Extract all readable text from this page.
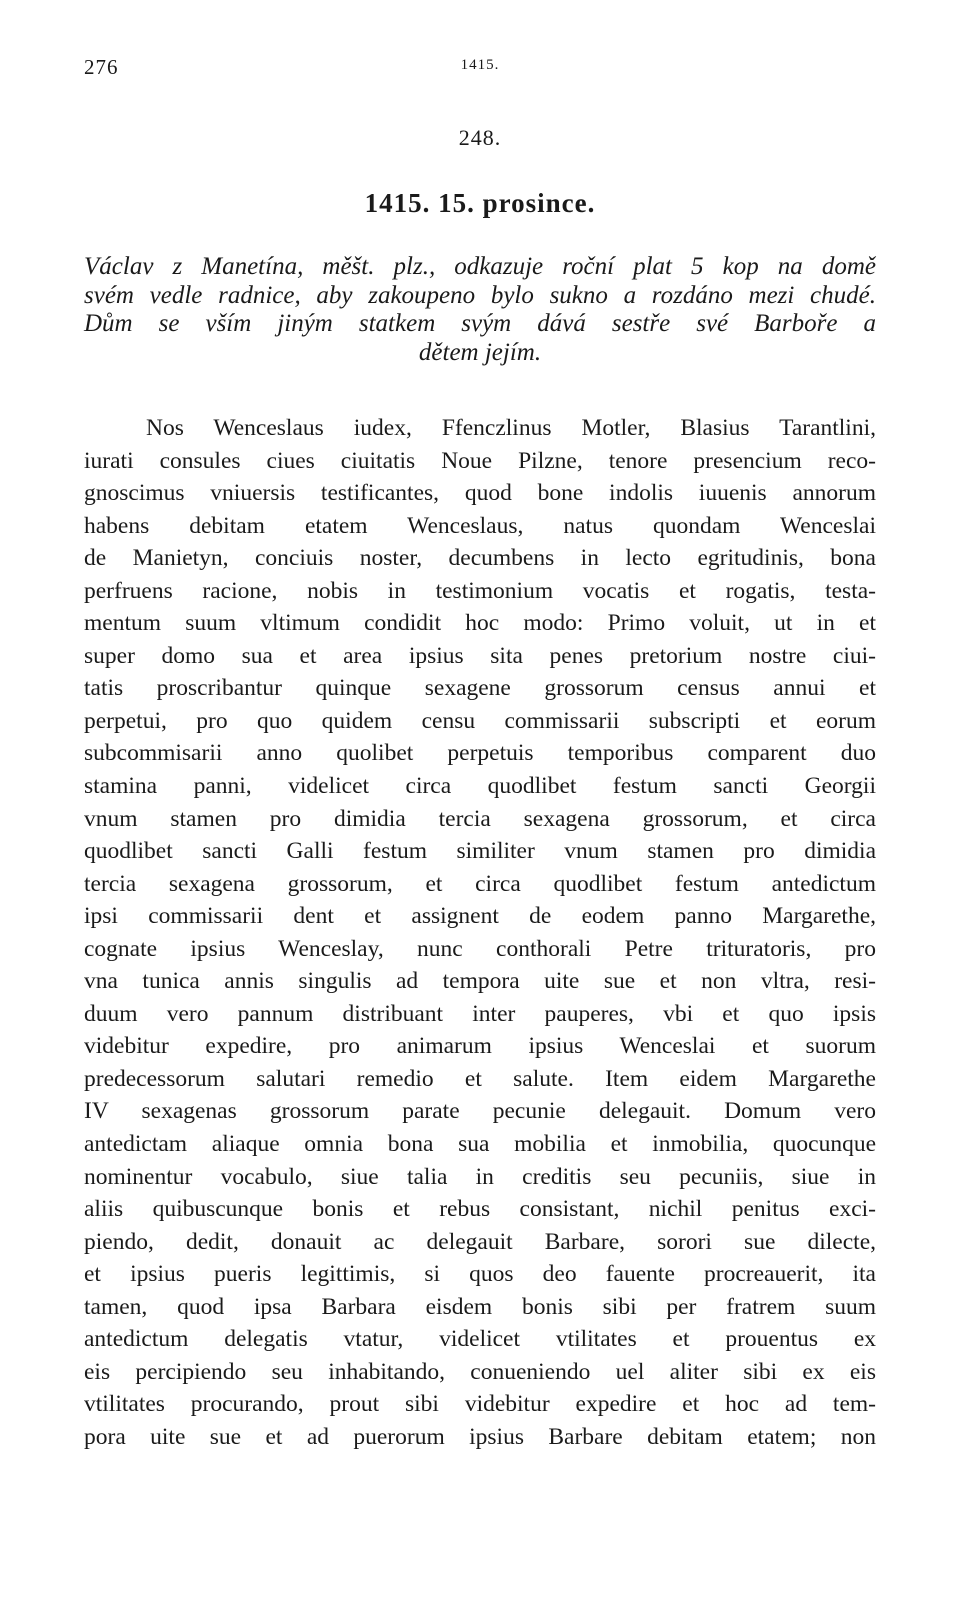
276	1415.
248.
1415. 15. prosince.
Václav z Manetína, měšt. plz., odkazuje roční plat 5 kop na domě
svém vedle radnice, aby zakoupeno bylo sukno a rozdáno mezi chudé.
Dům se vším jiným statkem svým dává sestře své Barboře a
dětem jejím.
Nos Wenceslaus iudex, Ffenczlinus Motler, Blasius Tarantlini,
iurati consules ciues ciuitatis Noue Pilzne, tenore presencium reco-
gnoscimus vniuersis testificantes, quod bone indolis iuuenis annorum
habens debitam etatem Wenceslaus, natus quondam Wenceslai
de Manietyn, conciuis noster, decumbens in lecto egritudinis, bona
perfruens racione, nobis in testimonium vocatis et rogatis, testa-
mentum suum vltimum condidit hoc modo: Primo voluit, ut in et
super domo sua et area ipsius sita penes pretorium nostre ciui-
tatis proscribantur quinque sexagene grossorum census annui et
perpetui, pro quo quidem censu commissarii subscripti et eorum
subcommisarii anno quolibet perpetuis temporibus comparent duo
stamina panni, videlicet circa quodlibet festum sancti Georgii
vnum stamen pro dimidia tercia sexagena grossorum, et circa
quodlibet sancti Galli festum similiter vnum stamen pro dimidia
tercia sexagena grossorum, et circa quodlibet festum antedictum
ipsi commissarii dent et assignent de eodem panno Margarethe,
cognate ipsius Wenceslay, nunc conthorali Petre trituratoris, pro
vna tunica annis singulis ad tempora uite sue et non vltra, resi-
duum vero pannum distribuant inter pauperes, vbi et quo ipsis
videbitur expedire, pro animarum ipsius Wenceslai et suorum
predecessorum salutari remedio et salute. Item eidem Margarethe
IV sexagenas grossorum parate pecunie delegauit. Domum vero
antedictam aliaque omnia bona sua mobilia et inmobilia, quocunque
nominentur vocabulo, siue talia in creditis seu pecuniis, siue in
aliis quibuscunque bonis et rebus consistant, nichil penitus exci-
piendo, dedit, donauit ac delegauit Barbare, sorori sue dilecte,
et ipsius pueris legittimis, si quos deo fauente procreauerit, ita
tamen, quod ipsa Barbara eisdem bonis sibi per fratrem suum
antedictum delegatis vtatur, videlicet vtilitates et prouentus ex
eis percipiendo seu inhabitando, conueniendo uel aliter sibi ex eis
vtilitates procurando, prout sibi videbitur expedire et hoc ad tem-
pora uite sue et ad puerorum ipsius Barbare debitam etatem; non
